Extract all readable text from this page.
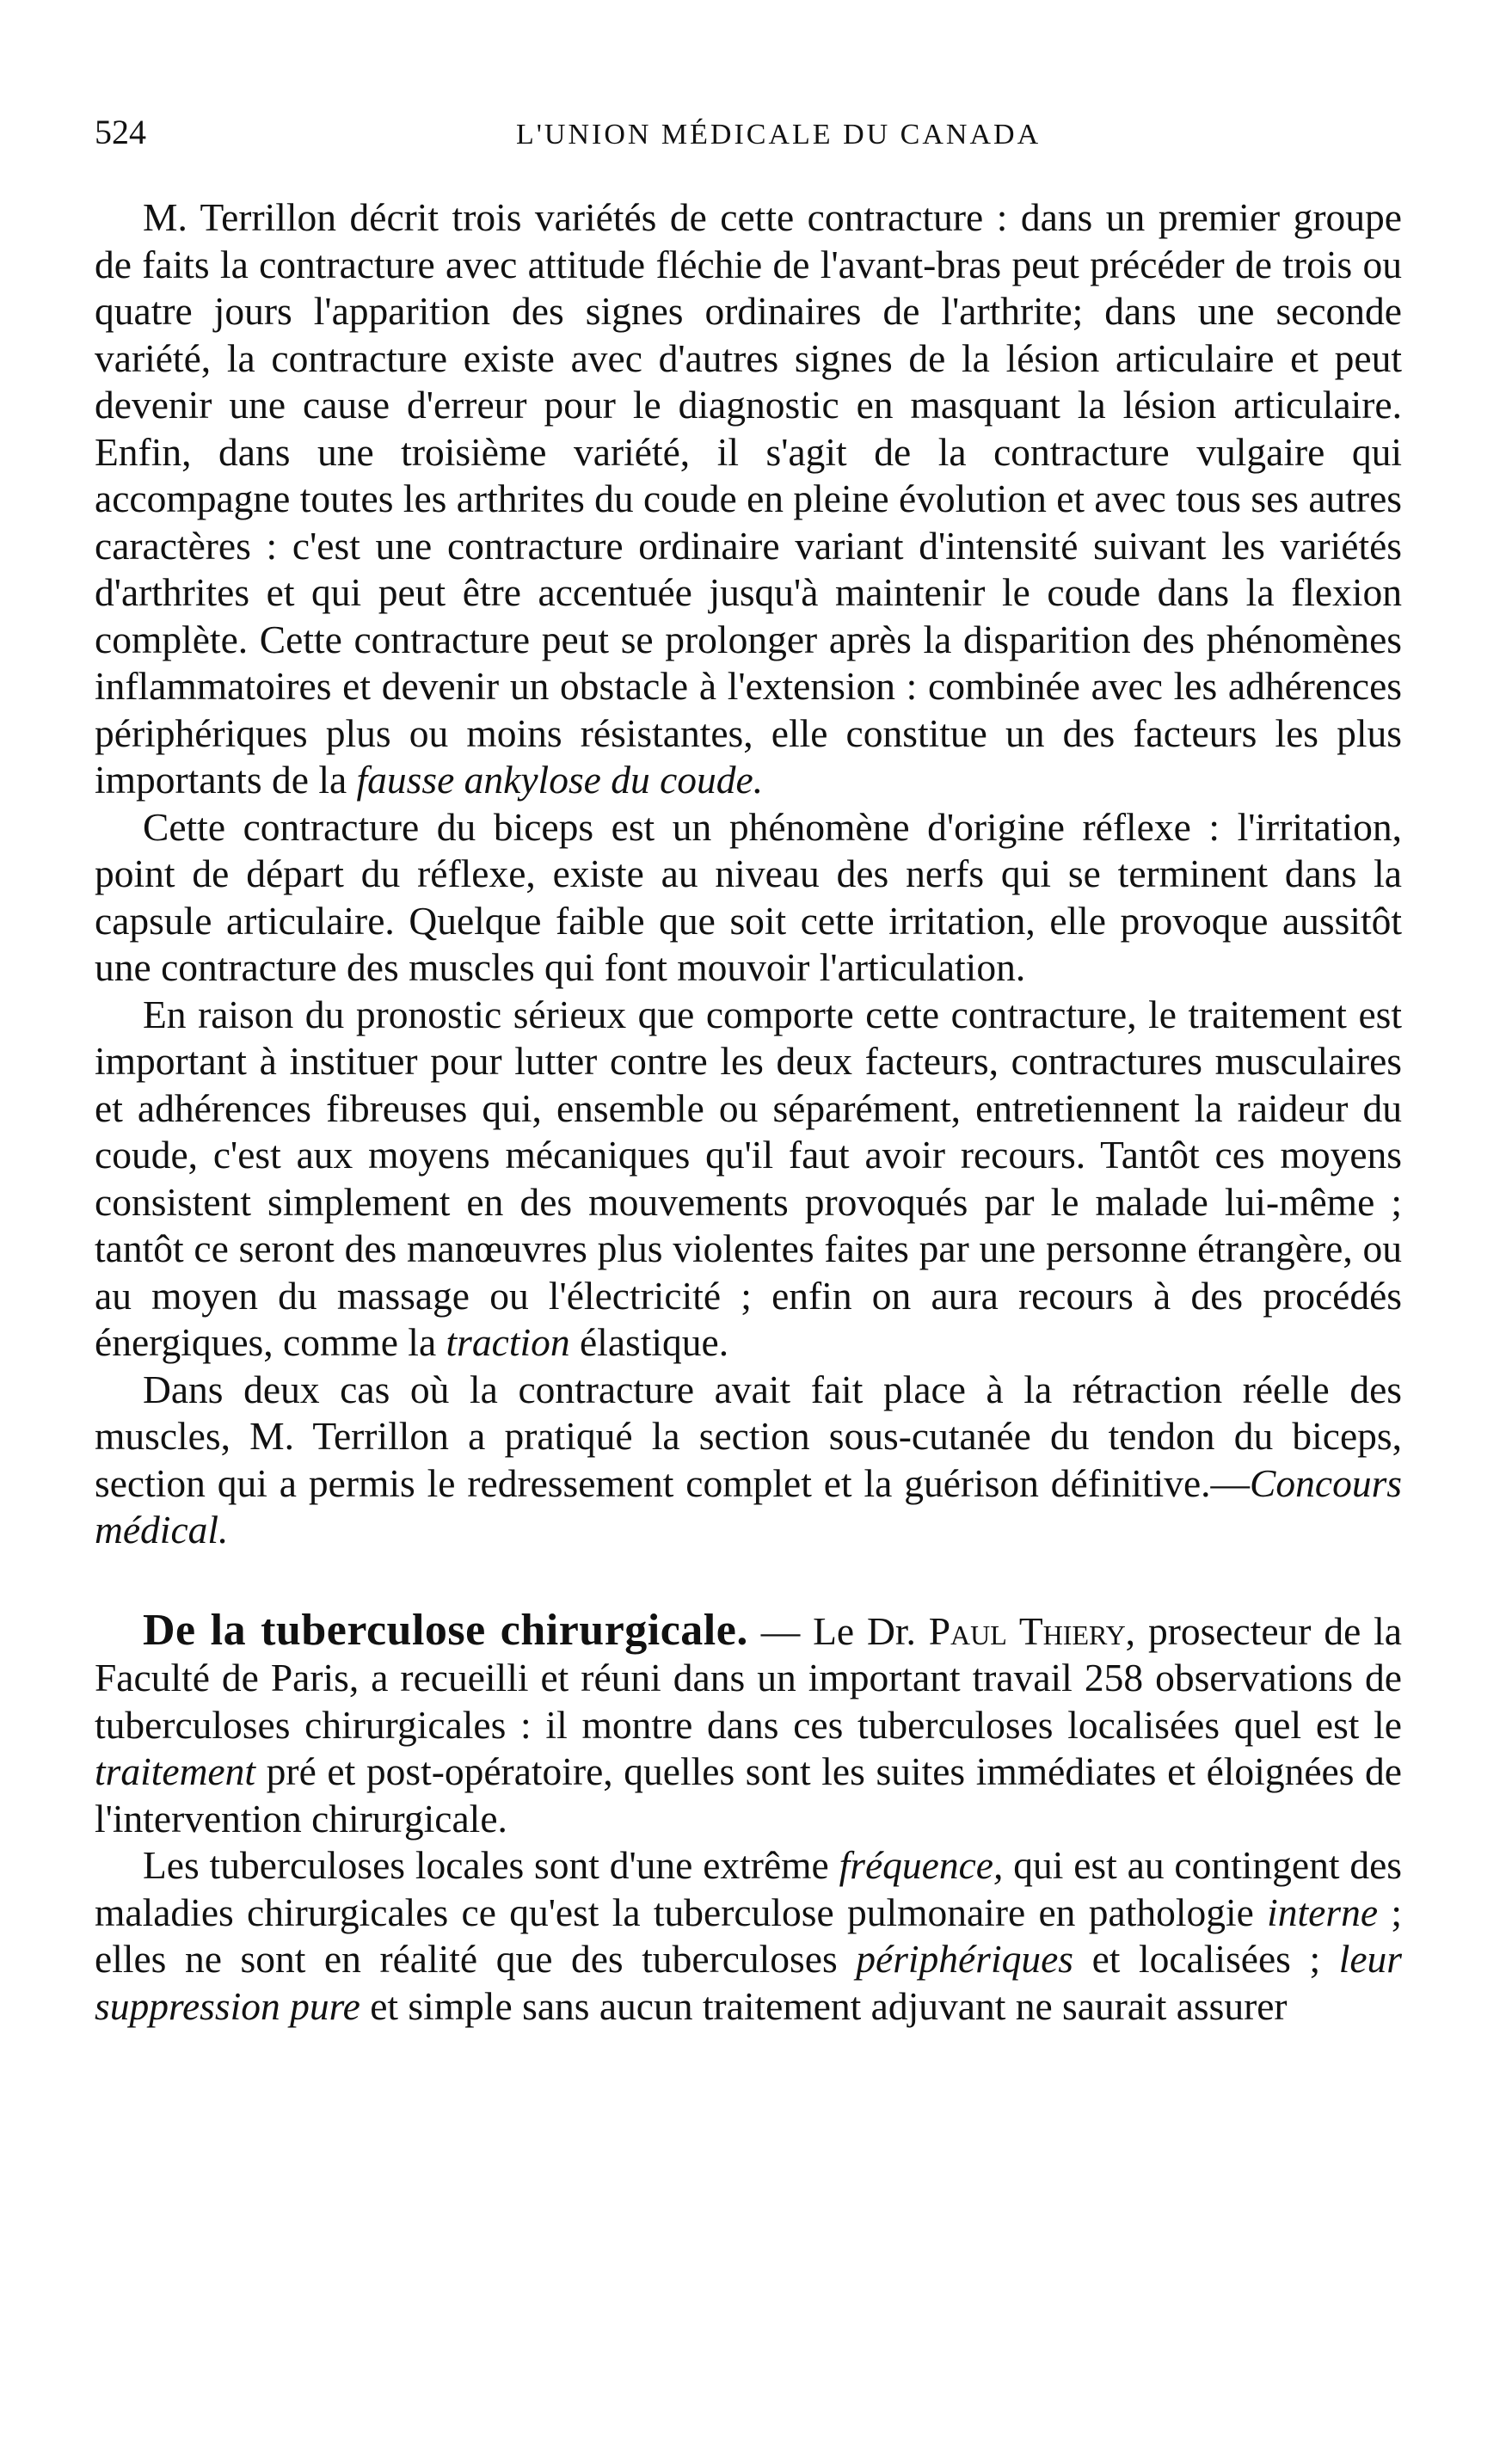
524	L'UNION MÉDICALE DU CANADA

M. Terrillon décrit trois variétés de cette contracture : dans un premier groupe de faits la contracture avec attitude fléchie de l'avant-bras peut précéder de trois ou quatre jours l'apparition des signes ordinaires de l'arthrite; dans une seconde variété, la contracture existe avec d'autres signes de la lésion articulaire et peut devenir une cause d'erreur pour le diagnostic en masquant la lésion articulaire. Enfin, dans une troisième variété, il s'agit de la contracture vulgaire qui accompagne toutes les arthrites du coude en pleine évolution et avec tous ses autres caractères : c'est une contracture ordinaire variant d'intensité suivant les variétés d'arthrites et qui peut être accentuée jusqu'à maintenir le coude dans la flexion complète. Cette contracture peut se prolonger après la disparition des phénomènes inflammatoires et devenir un obstacle à l'extension : combinée avec les adhérences périphériques plus ou moins résistantes, elle constitue un des facteurs les plus importants de la fausse ankylose du coude.

Cette contracture du biceps est un phénomène d'origine réflexe : l'irritation, point de départ du réflexe, existe au niveau des nerfs qui se terminent dans la capsule articulaire. Quelque faible que soit cette irritation, elle provoque aussitôt une contracture des muscles qui font mouvoir l'articulation.

En raison du pronostic sérieux que comporte cette contracture, le traitement est important à instituer pour lutter contre les deux facteurs, contractures musculaires et adhérences fibreuses qui, ensemble ou séparément, entretiennent la raideur du coude, c'est aux moyens mécaniques qu'il faut avoir recours. Tantôt ces moyens consistent simplement en des mouvements provoqués par le malade lui-même ; tantôt ce seront des manœuvres plus violentes faites par une personne étrangère, ou au moyen du massage ou l'électricité ; enfin on aura recours à des procédés énergiques, comme la traction élastique.

Dans deux cas où la contracture avait fait place à la rétraction réelle des muscles, M. Terrillon a pratiqué la section sous-cutanée du tendon du biceps, section qui a permis le redressement complet et la guérison définitive.—Concours médical.

De la tuberculose chirurgicale. — Le Dr. Paul Thiery, prosecteur de la Faculté de Paris, a recueilli et réuni dans un important travail 258 observations de tuberculoses chirurgicales : il montre dans ces tuberculoses localisées quel est le traitement pré et post-opératoire, quelles sont les suites immédiates et éloignées de l'intervention chirurgicale.

Les tuberculoses locales sont d'une extrême fréquence, qui est au contingent des maladies chirurgicales ce qu'est la tuberculose pulmonaire en pathologie interne ; elles ne sont en réalité que des tuberculoses périphériques et localisées ; leur suppression pure et simple sans aucun traitement adjuvant ne saurait assurer
